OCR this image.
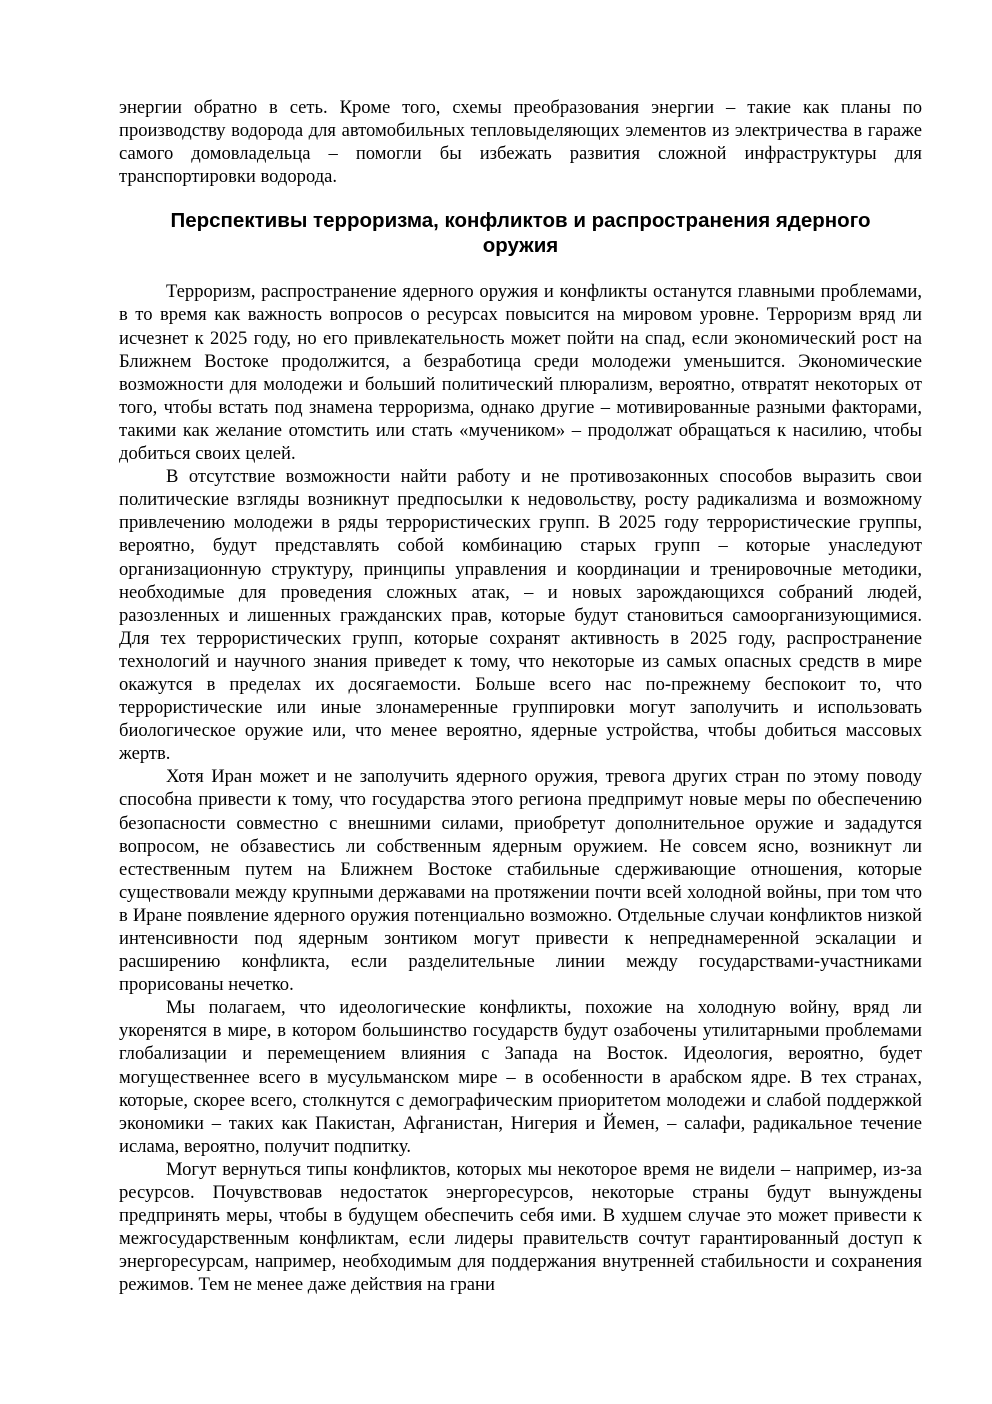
энергии обратно в сеть. Кроме того, схемы преобразования энергии – такие как планы по производству водорода для автомобильных тепловыделяющих элементов из электричества в гараже самого домовладельца – помогли бы избежать развития сложной инфраструктуры для транспортировки водорода.

Перспективы терроризма, конфликтов и распространения ядерного оружия

Терроризм, распространение ядерного оружия и конфликты останутся главными проблемами, в то время как важность вопросов о ресурсах повысится на мировом уровне. Терроризм вряд ли исчезнет к 2025 году, но его привлекательность может пойти на спад, если экономический рост на Ближнем Востоке продолжится, а безработица среди молодежи уменьшится. Экономические возможности для молодежи и больший политический плюрализм, вероятно, отвратят некоторых от того, чтобы встать под знамена терроризма, однако другие – мотивированные разными факторами, такими как желание отомстить или стать «мучеником» – продолжат обращаться к насилию, чтобы добиться своих целей.

В отсутствие возможности найти работу и не противозаконных способов выразить свои политические взгляды возникнут предпосылки к недовольству, росту радикализма и возможному привлечению молодежи в ряды террористических групп. В 2025 году террористические группы, вероятно, будут представлять собой комбинацию старых групп – которые унаследуют организационную структуру, принципы управления и координации и тренировочные методики, необходимые для проведения сложных атак, – и новых зарождающихся собраний людей, разозленных и лишенных гражданских прав, которые будут становиться самоорганизующимися. Для тех террористических групп, которые сохранят активность в 2025 году, распространение технологий и научного знания приведет к тому, что некоторые из самых опасных средств в мире окажутся в пределах их досягаемости. Больше всего нас по-прежнему беспокоит то, что террористические или иные злонамеренные группировки могут заполучить и использовать биологическое оружие или, что менее вероятно, ядерные устройства, чтобы добиться массовых жертв.

Хотя Иран может и не заполучить ядерного оружия, тревога других стран по этому поводу способна привести к тому, что государства этого региона предпримут новые меры по обеспечению безопасности совместно с внешними силами, приобретут дополнительное оружие и зададутся вопросом, не обзавестись ли собственным ядерным оружием. Не совсем ясно, возникнут ли естественным путем на Ближнем Востоке стабильные сдерживающие отношения, которые существовали между крупными державами на протяжении почти всей холодной войны, при том что в Иране появление ядерного оружия потенциально возможно. Отдельные случаи конфликтов низкой интенсивности под ядерным зонтиком могут привести к непреднамеренной эскалации и расширению конфликта, если разделительные линии между государствами-участниками прорисованы нечетко.

Мы полагаем, что идеологические конфликты, похожие на холодную войну, вряд ли укоренятся в мире, в котором большинство государств будут озабочены утилитарными проблемами глобализации и перемещением влияния с Запада на Восток. Идеология, вероятно, будет могущественнее всего в мусульманском мире – в особенности в арабском ядре. В тех странах, которые, скорее всего, столкнутся с демографическим приоритетом молодежи и слабой поддержкой экономики – таких как Пакистан, Афганистан, Нигерия и Йемен, – салафи, радикальное течение ислама, вероятно, получит подпитку.

Могут вернуться типы конфликтов, которых мы некоторое время не видели – например, из-за ресурсов. Почувствовав недостаток энергоресурсов, некоторые страны будут вынуждены предпринять меры, чтобы в будущем обеспечить себя ими. В худшем случае это может привести к межгосударственным конфликтам, если лидеры правительств сочтут гарантированный доступ к энергоресурсам, например, необходимым для поддержания внутренней стабильности и сохранения режимов. Тем не менее даже действия на грани
